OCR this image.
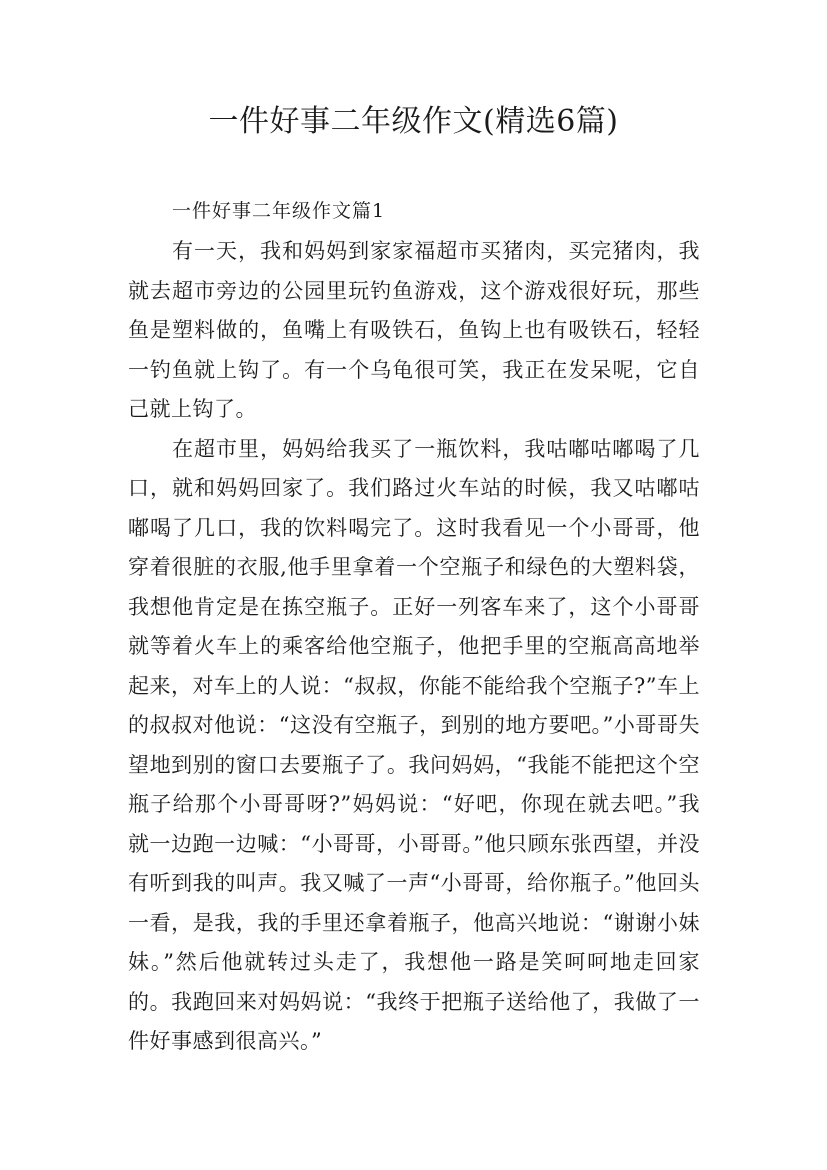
一件好事二年级作文(精选6篇)

一件好事二年级作文篇1

有一天，我和妈妈到家家福超市买猪肉，买完猪肉，我就去超市旁边的公园里玩钓鱼游戏，这个游戏很好玩，那些鱼是塑料做的，鱼嘴上有吸铁石，鱼钩上也有吸铁石，轻轻一钓鱼就上钩了。有一个乌龟很可笑，我正在发呆呢，它自己就上钩了。

在超市里，妈妈给我买了一瓶饮料，我咕嘟咕嘟喝了几口，就和妈妈回家了。我们路过火车站的时候，我又咕嘟咕嘟喝了几口，我的饮料喝完了。这时我看见一个小哥哥，他穿着很脏的衣服,他手里拿着一个空瓶子和绿色的大塑料袋，我想他肯定是在拣空瓶子。正好一列客车来了，这个小哥哥就等着火车上的乘客给他空瓶子，他把手里的空瓶高高地举起来，对车上的人说：“叔叔，你能不能给我个空瓶子?”车上的叔叔对他说：“这没有空瓶子，到别的地方要吧。”小哥哥失望地到别的窗口去要瓶子了。我问妈妈，“我能不能把这个空瓶子给那个小哥哥呀?”妈妈说：“好吧，你现在就去吧。”我就一边跑一边喊：“小哥哥，小哥哥。”他只顾东张西望，并没有听到我的叫声。我又喊了一声“小哥哥，给你瓶子。”他回头一看，是我，我的手里还拿着瓶子，他高兴地说：“谢谢小妹妹。”然后他就转过头走了，我想他一路是笑呵呵地走回家的。我跑回来对妈妈说：“我终于把瓶子送给他了，我做了一件好事感到很高兴。”
